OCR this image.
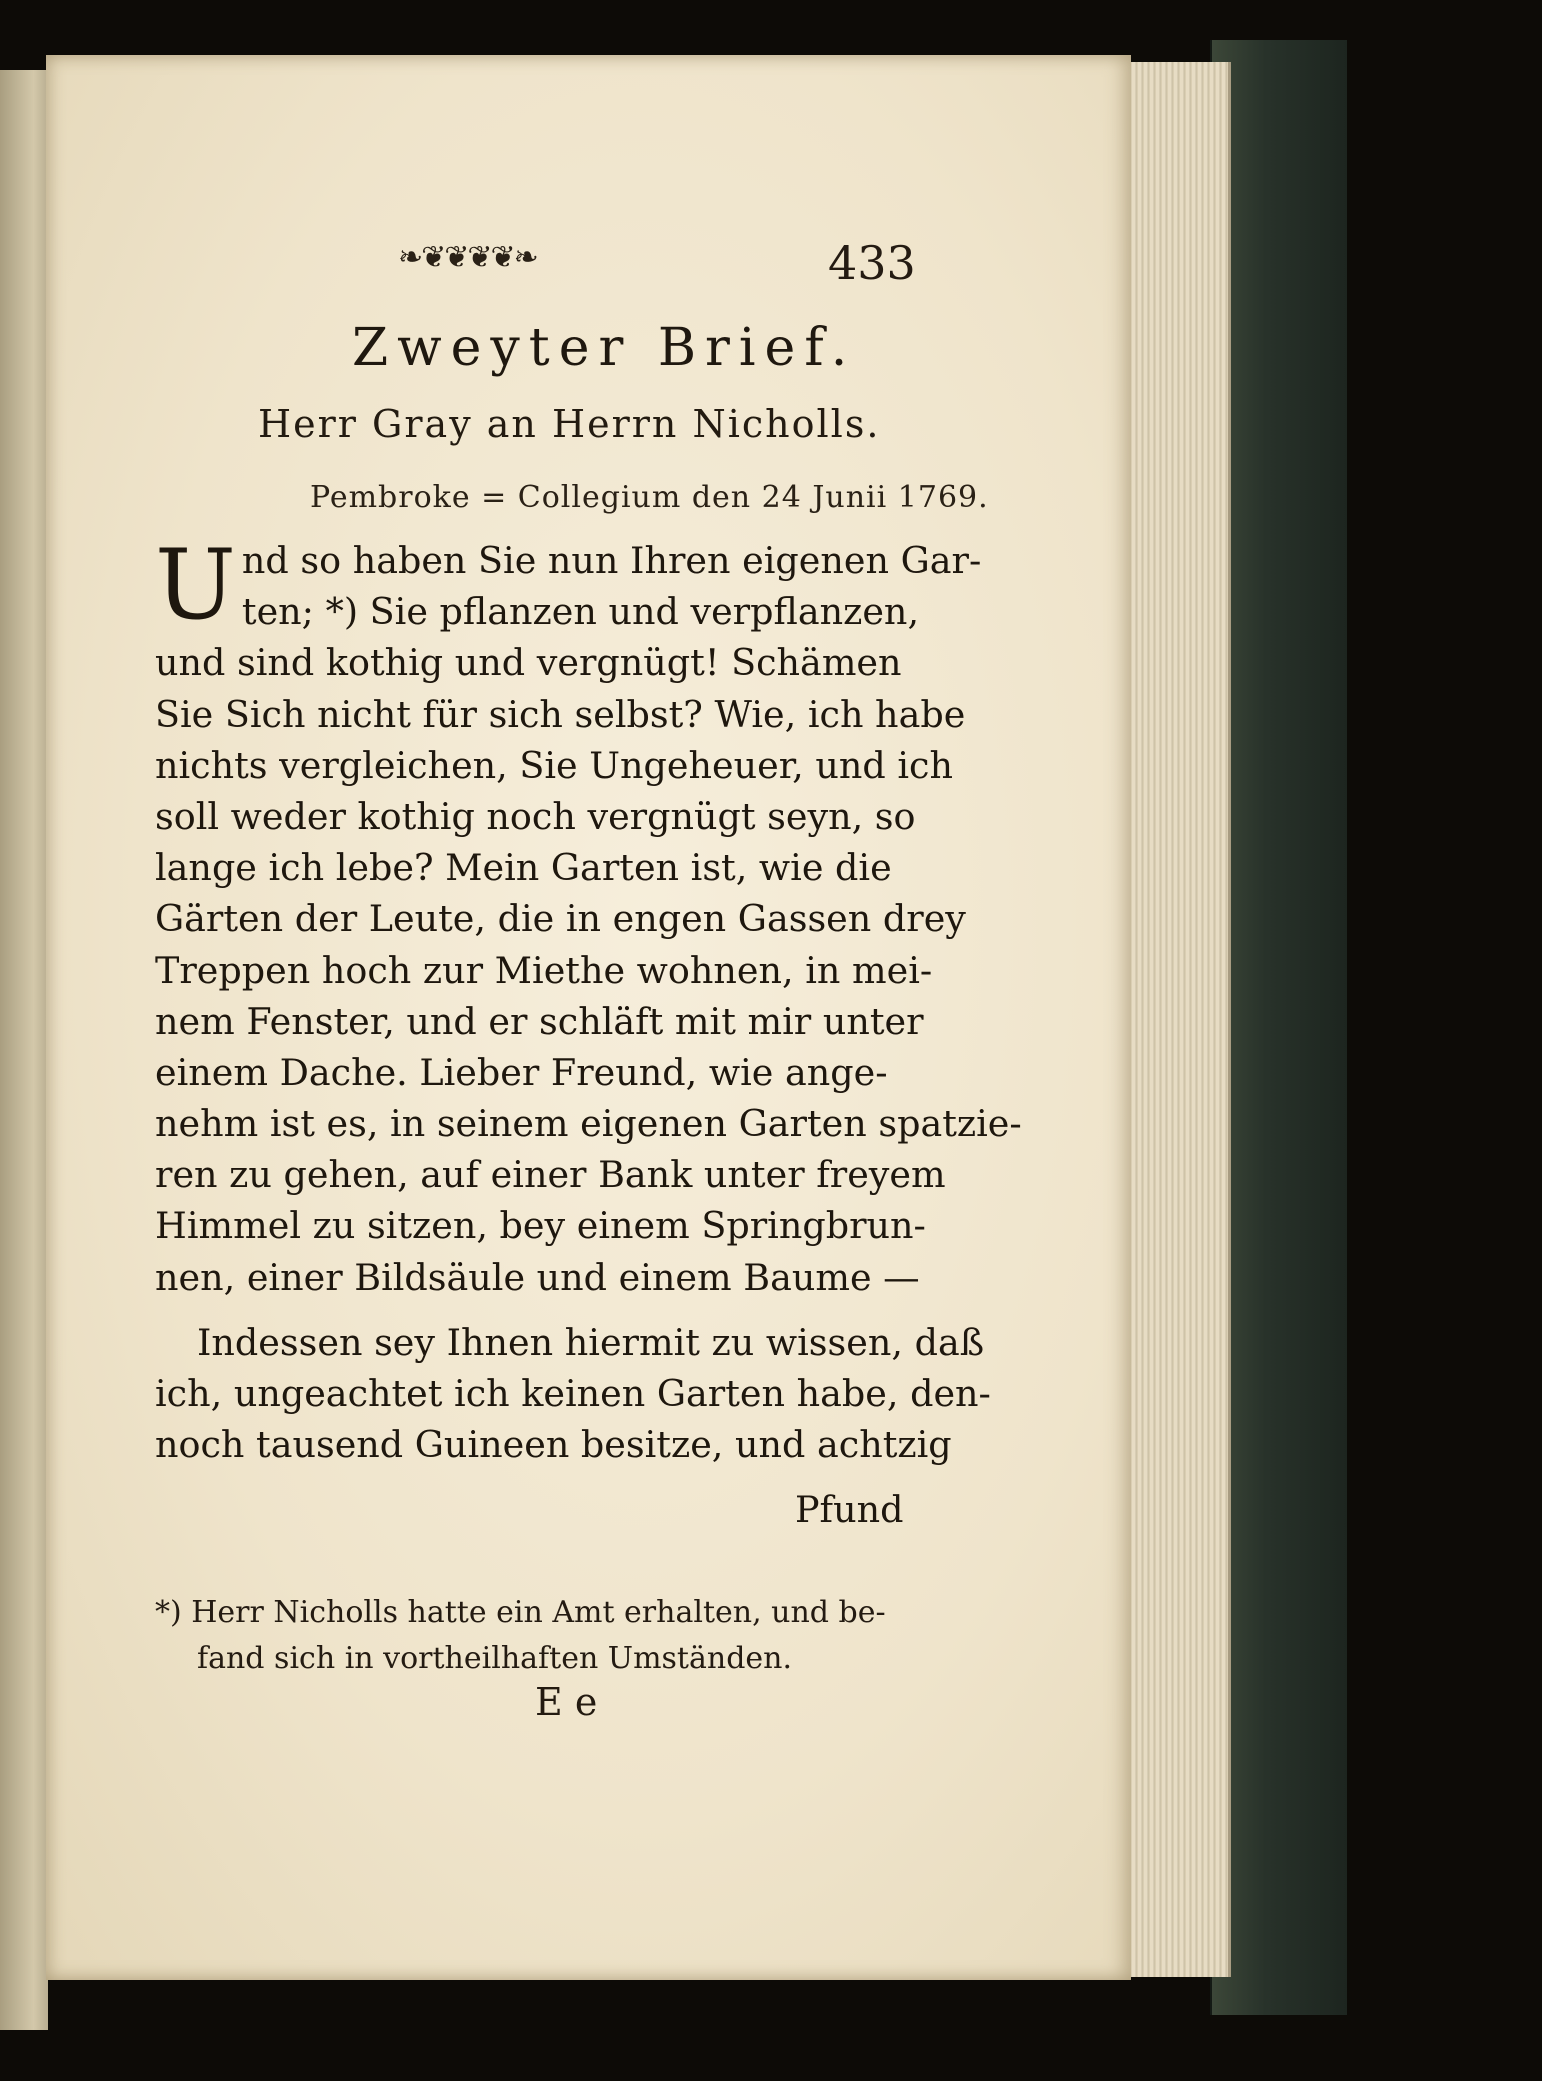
❧❦❦❦❦❧	433
Zweyter Brief.
Herr Gray an Herrn Nicholls.
Pembroke = Collegium den 24 Junii 1769.
U nd so haben Sie nun Ihren eigenen Gar-
ten; *) Sie pflanzen und verpflanzen,
und sind kothig und vergnügt! Schämen
Sie Sich nicht für sich selbst? Wie, ich habe
nichts vergleichen, Sie Ungeheuer, und ich
soll weder kothig noch vergnügt seyn, so
lange ich lebe? Mein Garten ist, wie die
Gärten der Leute, die in engen Gassen drey
Treppen hoch zur Miethe wohnen, in mei-
nem Fenster, und er schläft mit mir unter
einem Dache. Lieber Freund, wie ange-
nehm ist es, in seinem eigenen Garten spatzie-
ren zu gehen, auf einer Bank unter freyem
Himmel zu sitzen, bey einem Springbrun-
nen, einer Bildsäule und einem Baume —
Indessen sey Ihnen hiermit zu wissen, daß
ich, ungeachtet ich keinen Garten habe, den-
noch tausend Guineen besitze, und achtzig
Pfund
*) Herr Nicholls hatte ein Amt erhalten, und be-
fand sich in vortheilhaften Umständen.
E e
